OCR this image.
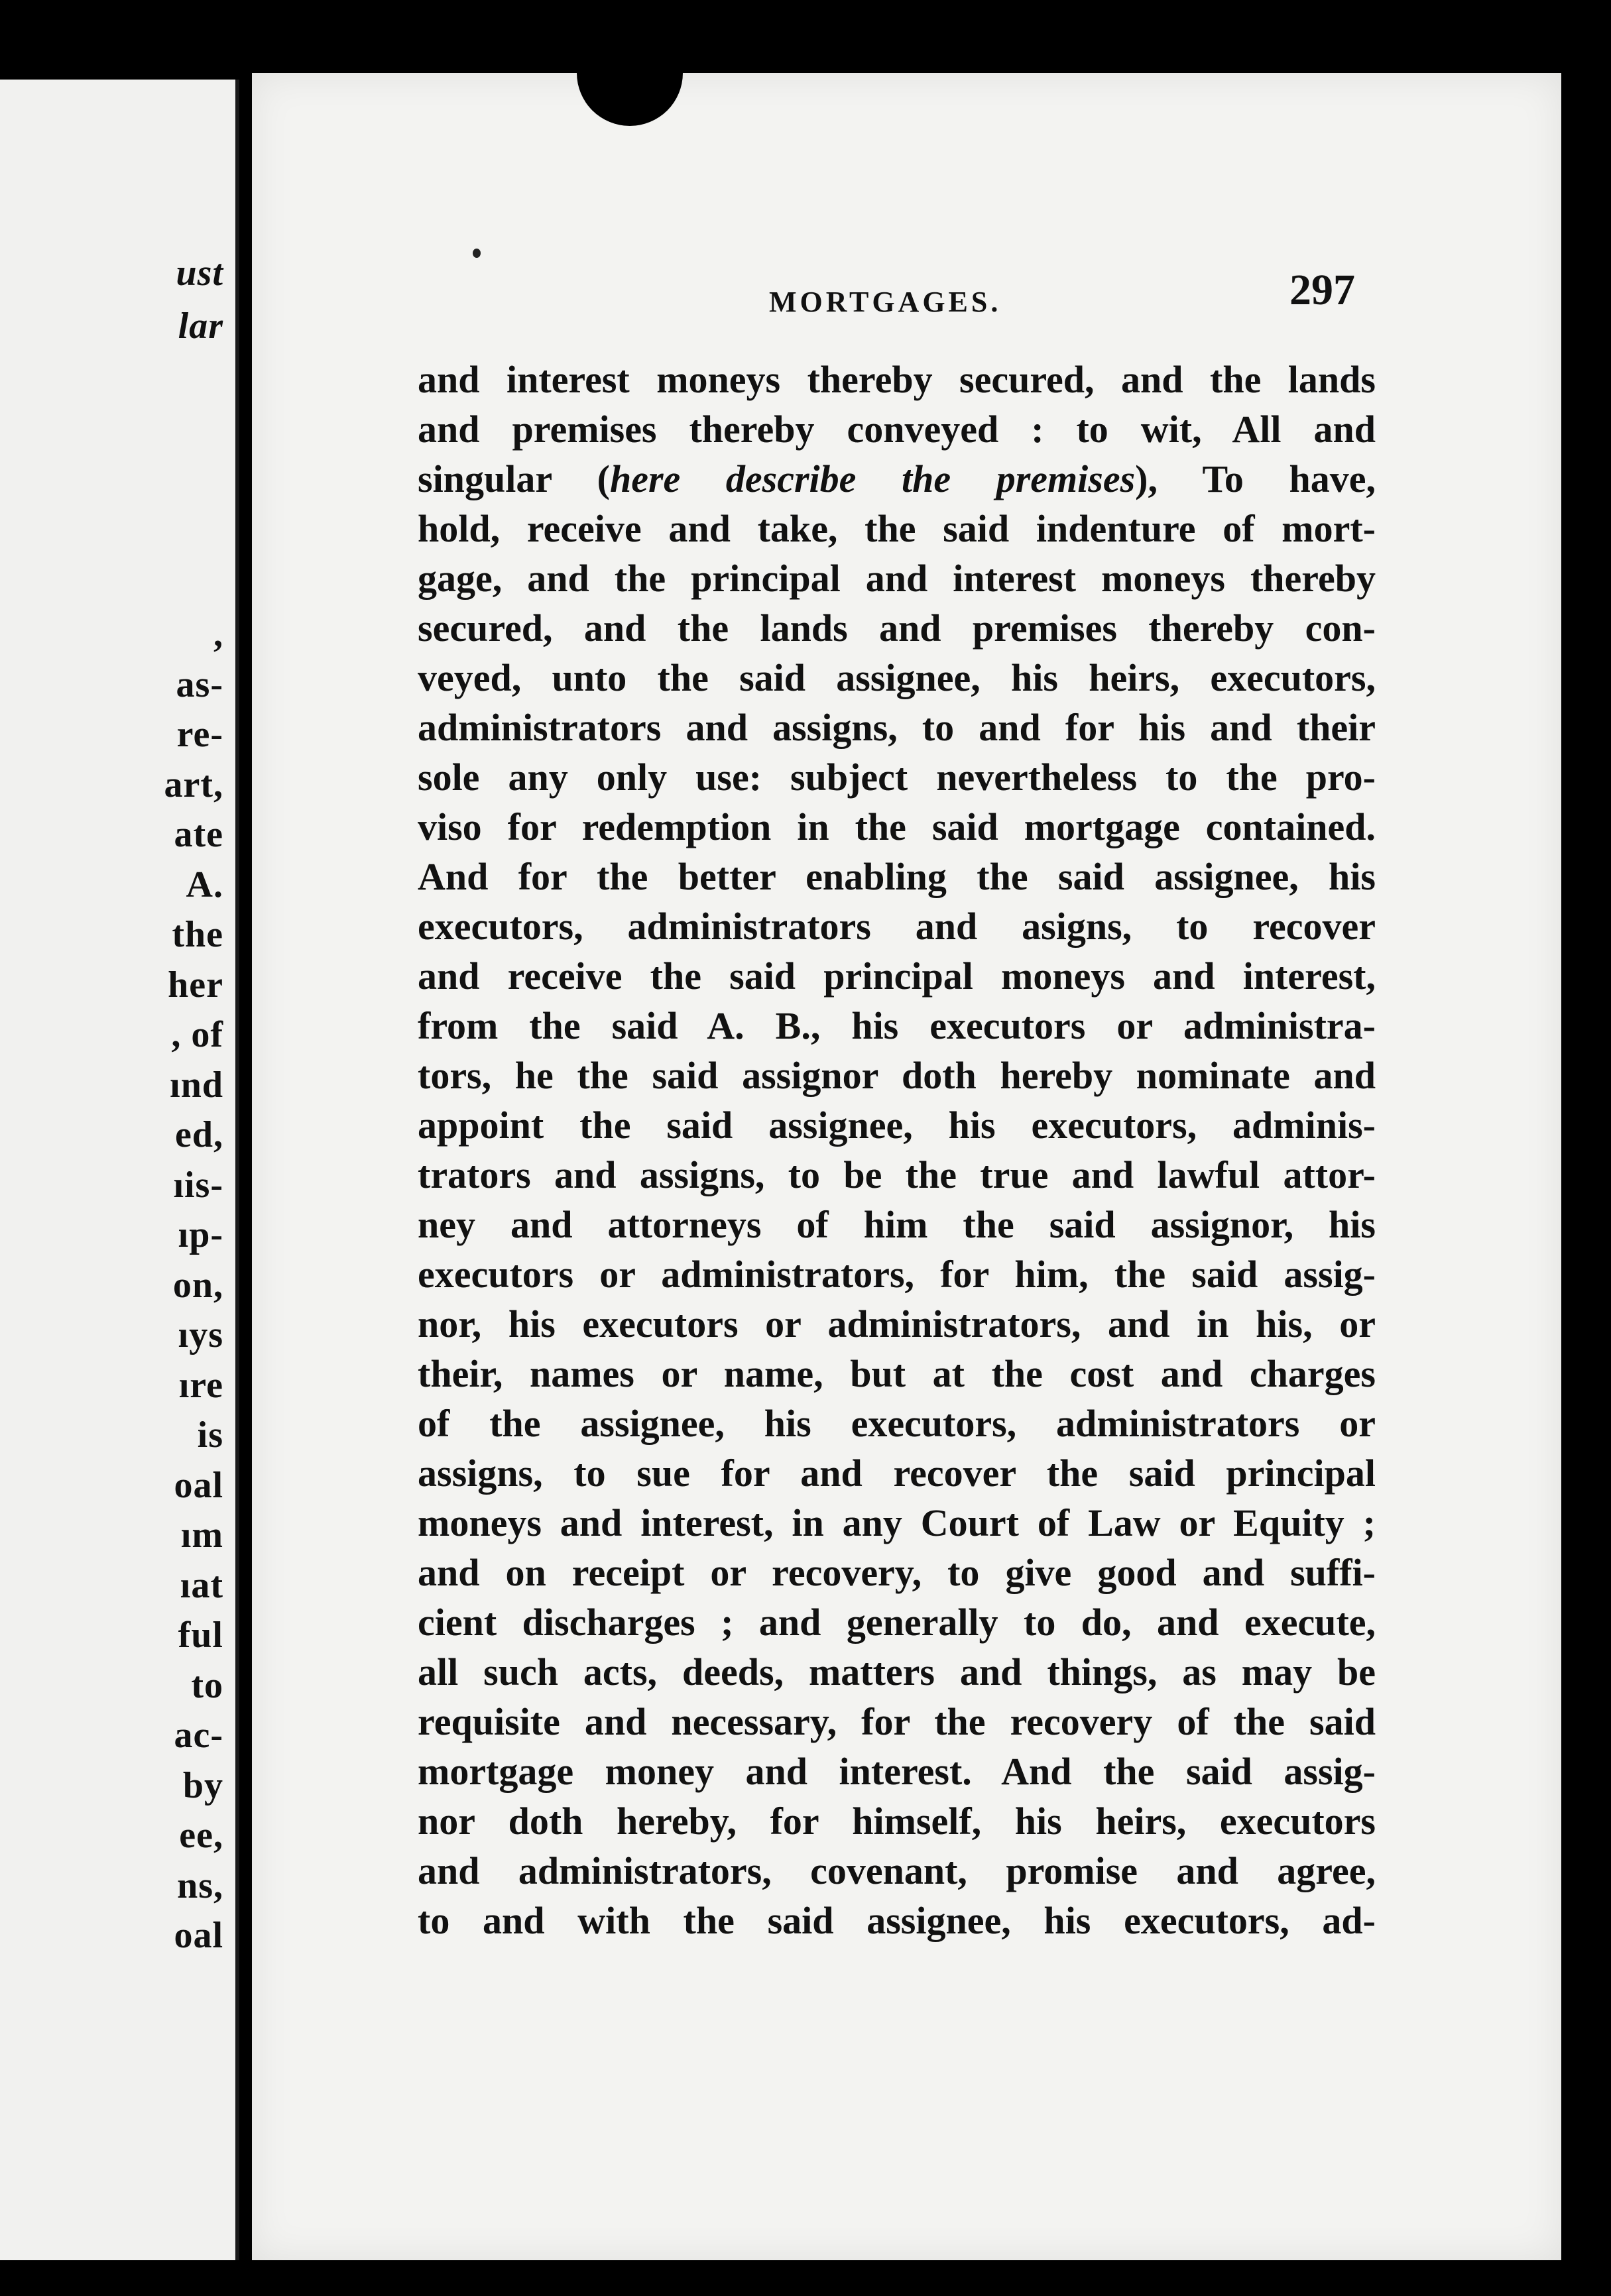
ust
lar
,
as-
re-
art,
ate
A.
the
her
, of
ınd
ed,
ıis-
ıp-
on,
ıys
ıre
is
oal
ım
ıat
ful
to
ac-
by
ee,
ns,
oal
MORTGAGES.	297
and interest moneys thereby secured, and the lands
and premises thereby conveyed : to wit, All and
singular (here describe the premises), To have,
hold, receive and take, the said indenture of mort-
gage, and the principal and interest moneys thereby
secured, and the lands and premises thereby con-
veyed, unto the said assignee, his heirs, executors,
administrators and assigns, to and for his and their
sole any only use: subject nevertheless to the pro-
viso for redemption in the said mortgage contained.
And for the better enabling the said assignee, his
executors, administrators and asigns, to recover
and receive the said principal moneys and interest,
from the said A. B., his executors or administra-
tors, he the said assignor doth hereby nominate and
appoint the said assignee, his executors, adminis-
trators and assigns, to be the true and lawful attor-
ney and attorneys of him the said assignor, his
executors or administrators, for him, the said assig-
nor, his executors or administrators, and in his, or
their, names or name, but at the cost and charges
of the assignee, his executors, administrators or
assigns, to sue for and recover the said principal
moneys and interest, in any Court of Law or Equity ;
and on receipt or recovery, to give good and suffi-
cient discharges ; and generally to do, and execute,
all such acts, deeds, matters and things, as may be
requisite and necessary, for the recovery of the said
mortgage money and interest. And the said assig-
nor doth hereby, for himself, his heirs, executors
and administrators, covenant, promise and agree,
to and with the said assignee, his executors, ad-
